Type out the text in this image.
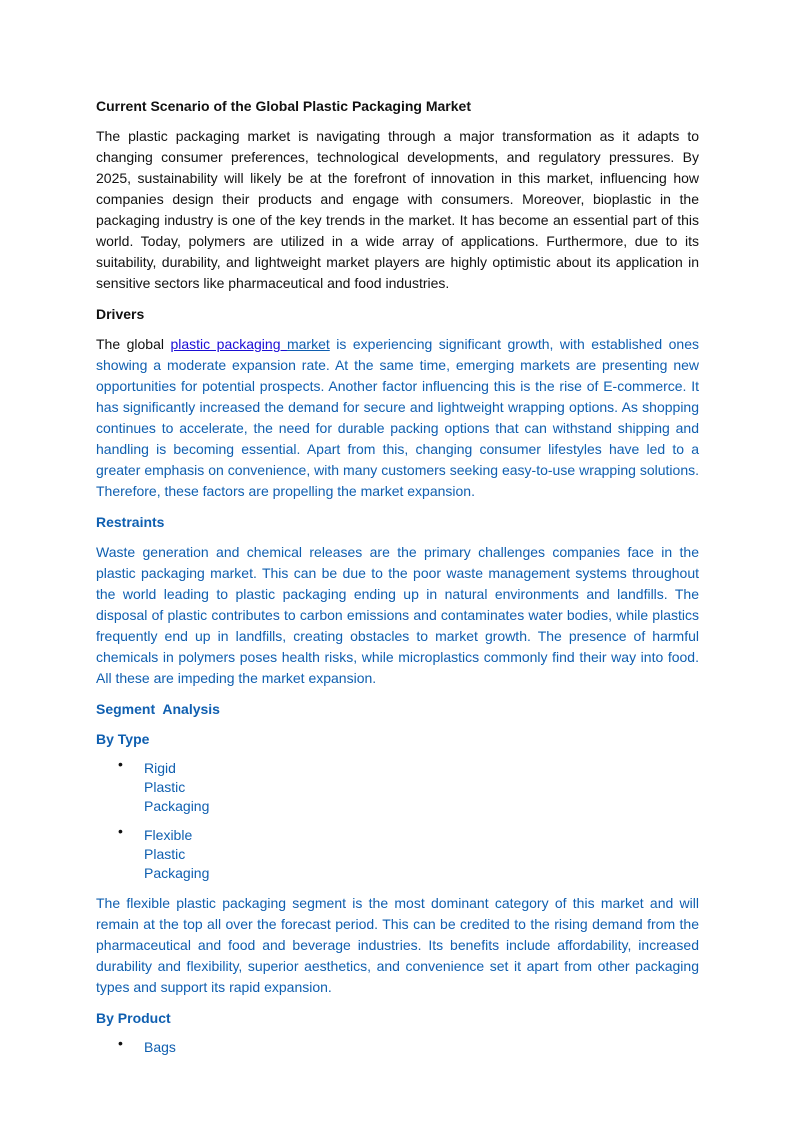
Current Scenario of the Global Plastic Packaging Market

The plastic packaging market is navigating through a major transformation as it adapts to changing consumer preferences, technological developments, and regulatory pressures. By 2025, sustainability will likely be at the forefront of innovation in this market, influencing how companies design their products and engage with consumers. Moreover, bioplastic in the packaging industry is one of the key trends in the market. It has become an essential part of this world. Today, polymers are utilized in a wide array of applications. Furthermore, due to its suitability, durability, and lightweight market players are highly optimistic about its application in sensitive sectors like pharmaceutical and food industries.

Drivers

The global plastic packaging market is experiencing significant growth, with established ones showing a moderate expansion rate. At the same time, emerging markets are presenting new opportunities for potential prospects. Another factor influencing this is the rise of E-commerce. It has significantly increased the demand for secure and lightweight wrapping options. As shopping continues to accelerate, the need for durable packing options that can withstand shipping and handling is becoming essential. Apart from this, changing consumer lifestyles have led to a greater emphasis on convenience, with many customers seeking easy-to-use wrapping solutions. Therefore, these factors are propelling the market expansion.

Restraints

Waste generation and chemical releases are the primary challenges companies face in the plastic packaging market. This can be due to the poor waste management systems throughout the world leading to plastic packaging ending up in natural environments and landfills. The disposal of plastic contributes to carbon emissions and contaminates water bodies, while plastics frequently end up in landfills, creating obstacles to market growth. The presence of harmful chemicals in polymers poses health risks, while microplastics commonly find their way into food. All these are impeding the market expansion.

Segment  Analysis
By Type
• Rigid Plastic Packaging
• Flexible Plastic Packaging

The flexible plastic packaging segment is the most dominant category of this market and will remain at the top all over the forecast period. This can be credited to the rising demand from the pharmaceutical and food and beverage industries. Its benefits include affordability, increased durability and flexibility, superior aesthetics, and convenience set it apart from other packaging types and support its rapid expansion.

By Product
• Bags
